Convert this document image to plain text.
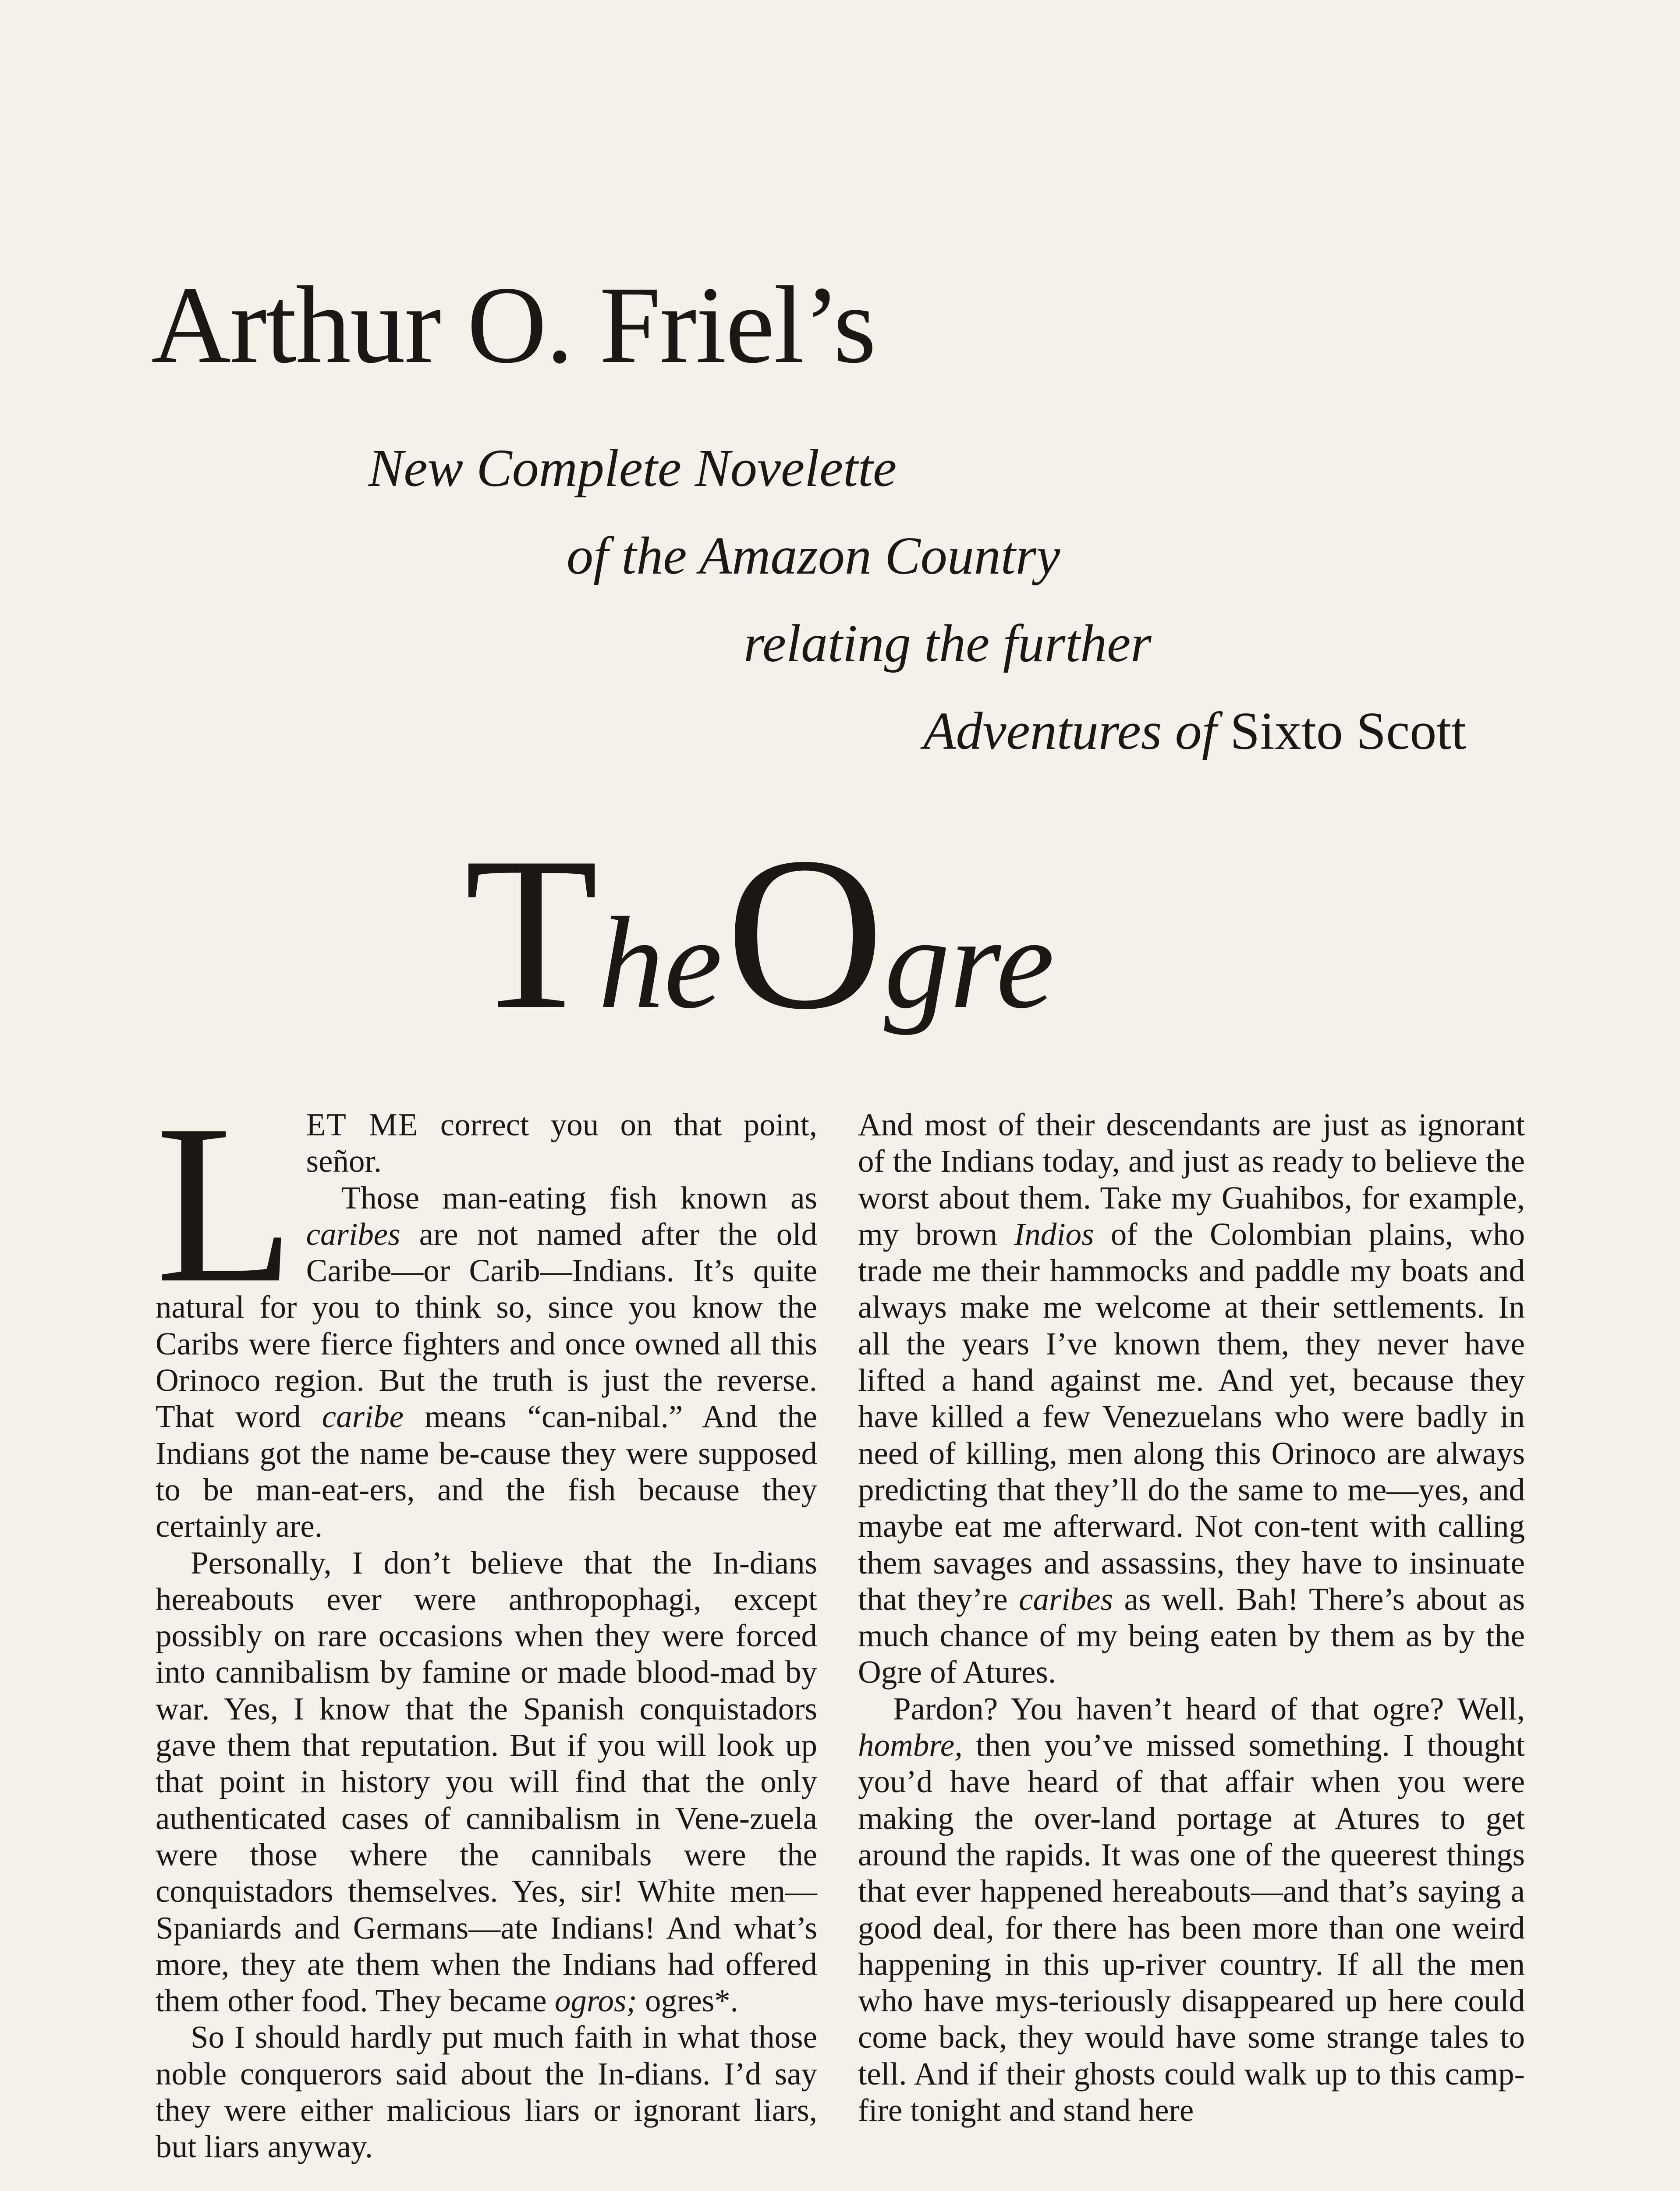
Arthur O. Friel’s
New Complete Novelette
of the Amazon Country
relating the further
Adventures of Sixto Scott
The  Ogre

LET ME correct you on that point, señor.

Those man-eating fish known as caribes are not named after the old Caribe—or Carib—Indians. It’s quite natural for you to think so, since you know the Caribs were fierce fighters and once owned all this Orinoco region. But the truth is just the reverse. That word caribe means “can-nibal.” And the Indians got the name be-cause they were supposed to be man-eat-ers, and the fish because they certainly are.

Personally, I don’t believe that the In-dians hereabouts ever were anthropophagi, except possibly on rare occasions when they were forced into cannibalism by famine or made blood-mad by war. Yes, I know that the Spanish conquistadors gave them that reputation. But if you will look up that point in history you will find that the only authenticated cases of cannibalism in Vene-zuela were those where the cannibals were the conquistadors themselves. Yes, sir! White men—Spaniards and Germans—ate Indians! And what’s more, they ate them when the Indians had offered them other food. They became ogros; ogres*.

So I should hardly put much faith in what those noble conquerors said about the In-dians. I’d say they were either malicious liars or ignorant liars, but liars anyway.

And most of their descendants are just as ignorant of the Indians today, and just as ready to believe the worst about them. Take my Guahibos, for example, my brown Indios of the Colombian plains, who trade me their hammocks and paddle my boats and always make me welcome at their settlements. In all the years I’ve known them, they never have lifted a hand against me. And yet, because they have killed a few Venezuelans who were badly in need of killing, men along this Orinoco are always predicting that they’ll do the same to me—yes, and maybe eat me afterward. Not con-tent with calling them savages and assassins, they have to insinuate that they’re caribes as well. Bah! There’s about as much chance of my being eaten by them as by the Ogre of Atures.

Pardon? You haven’t heard of that ogre? Well, hombre, then you’ve missed something. I thought you’d have heard of that affair when you were making the over-land portage at Atures to get around the rapids. It was one of the queerest things that ever happened hereabouts—and that’s saying a good deal, for there has been more than one weird happening in this up-river country. If all the men who have mys-teriously disappeared up here could come back, they would have some strange tales to tell. And if their ghosts could walk up to this camp-fire tonight and stand here
